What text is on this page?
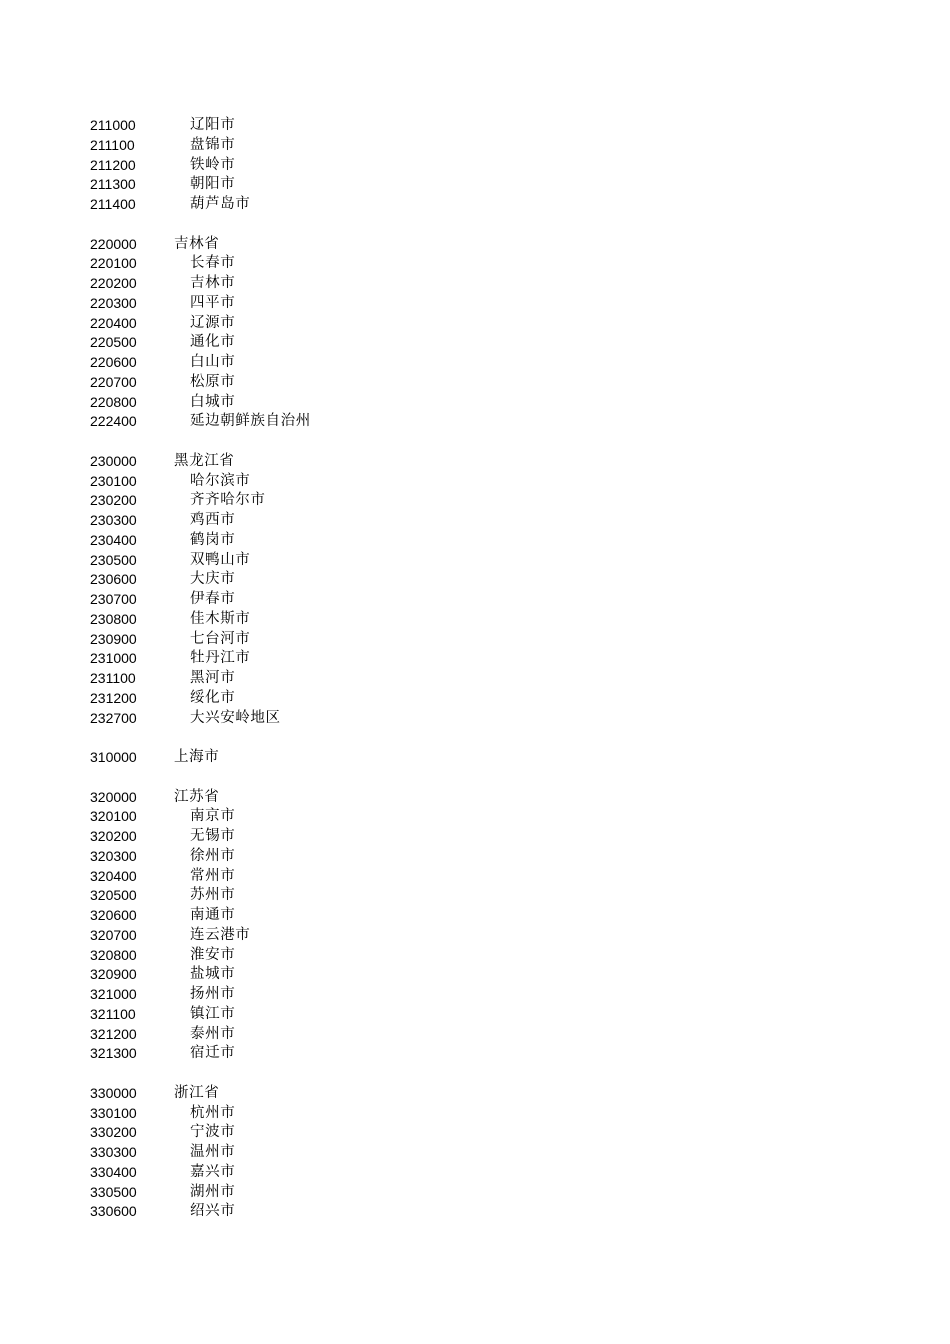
211000	辽阳市
211100	盘锦市
211200	铁岭市
211300	朝阳市
211400	葫芦岛市
220000	吉林省
220100	长春市
220200	吉林市
220300	四平市
220400	辽源市
220500	通化市
220600	白山市
220700	松原市
220800	白城市
222400	延边朝鲜族自治州
230000	黑龙江省
230100	哈尔滨市
230200	齐齐哈尔市
230300	鸡西市
230400	鹤岗市
230500	双鸭山市
230600	大庆市
230700	伊春市
230800	佳木斯市
230900	七台河市
231000	牡丹江市
231100	黑河市
231200	绥化市
232700	大兴安岭地区
310000	上海市
320000	江苏省
320100	南京市
320200	无锡市
320300	徐州市
320400	常州市
320500	苏州市
320600	南通市
320700	连云港市
320800	淮安市
320900	盐城市
321000	扬州市
321100	镇江市
321200	泰州市
321300	宿迁市
330000	浙江省
330100	杭州市
330200	宁波市
330300	温州市
330400	嘉兴市
330500	湖州市
330600	绍兴市
